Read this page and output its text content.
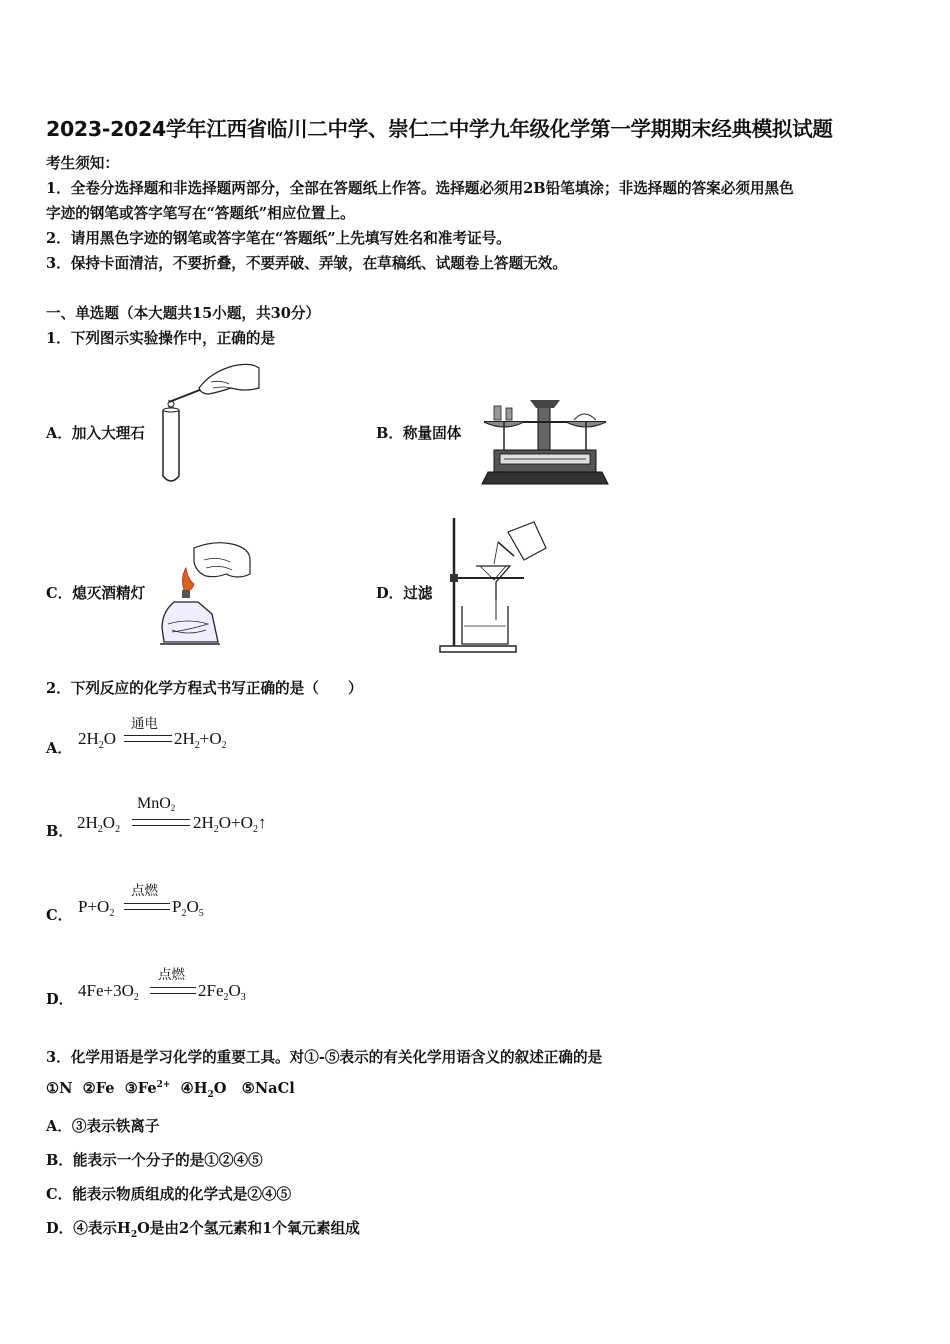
2023-2024学年江西省临川二中学、崇仁二中学九年级化学第一学期期末经典模拟试题
考生须知：
1．全卷分选择题和非选择题两部分，全部在答题纸上作答。选择题必须用2B铅笔填涂；非选择题的答案必须用黑色
字迹的钢笔或答字笔写在“答题纸”相应位置上。
2．请用黑色字迹的钢笔或答字笔在“答题纸”上先填写姓名和准考证号。
3．保持卡面清洁，不要折叠，不要弄破、弄皱，在草稿纸、试题卷上答题无效。
一、单选题（本大题共15小题，共30分）
1．下列图示实验操作中，正确的是
A．加入大理石	B．称量固体
C．熄灭酒精灯	D．过滤
2．下列反应的化学方程式书写正确的是（　　）
A．
$2H_2O$
通电
$2H_2+O_2$
B． $2H_2O_2$
MnO$_2$
$2H_2O+O_2↑$
C． $P+O_2$
点燃
$P_2O_5$
D． $4Fe+3O_2$
点燃
$2Fe_2O_3$
3．化学用语是学习化学的重要工具。对①-⑤表示的有关化学用语含义的叙述正确的是
①N ②Fe $③Fe^{2+}$ $④H_2O$ ⑤NaCl
A．③表示铁离子
B．能表示一个分子的是①②④⑤
C．能表示物质组成的化学式是②④⑤
D．④表示$H_2O$是由2个氢元素和1个氧元素组成
